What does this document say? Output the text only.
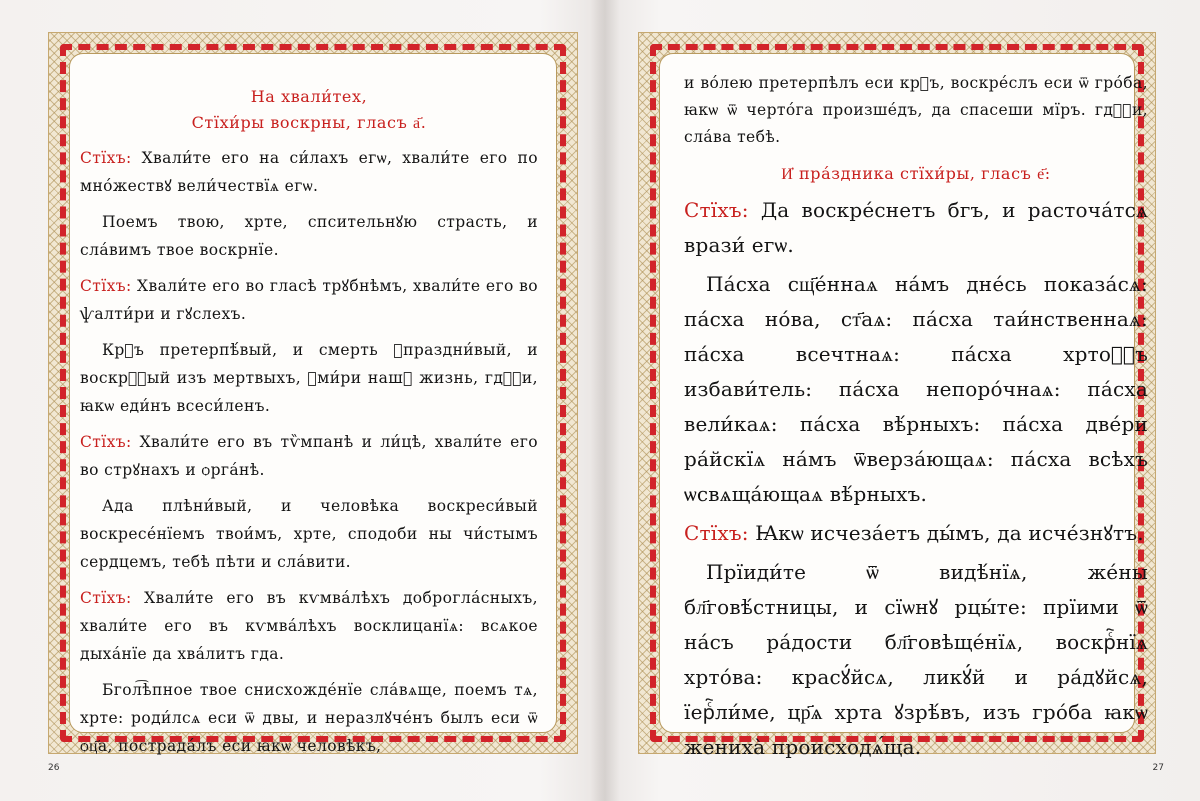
На хвали́тех,
Стїхи́ры воскрны, гласъ а҃.

Стїхъ: Хвали́те его на си́лахъ егѡ, хвали́те его по мно́жествꙋ вели́чествїѧ егѡ.

Поемъ твою, хрте, спсительнꙋю страсть, и сла́вимъ твое воскрнїе.

Стїхъ: Хвали́те его во гласѣ трꙋбнѣмъ, хвали́те его во ѱалти́ри и гꙋслехъ.

Крⷮъ претерпѣ́вый, и смерть ꙋпраздни́вый, и воскрⷭ҇ый изъ мертвыхъ, ꙋми́ри нашꙋ жизнь, гдⷭ҇и, ꙗкѡ еди́нъ всеси́ленъ.

Стїхъ: Хвали́те его въ тѷмпанѣ и ли́цѣ, хвали́те его во стрꙋнахъ и ѻрга́нѣ.

Ада плѣни́вый, и человѣка воскреси́вый воскресе́нїемъ твои́мъ, хрте, сподоби ны чи́стымъ сердцемъ, тебѣ пѣти и сла́вити.

Стїхъ: Хвали́те его въ кѵмва́лѣхъ доброгла́сныхъ, хвали́те его въ кѵмва́лѣхъ восклицанїѧ: всѧкое дыха́нїе да хва́литъ гда.

Бгол͡ѣпное твое снисхожде́нїе сла́вѧще, поемъ тѧ, хрте: роди́лсѧ еси ѿ двы, и неразлꙋче́нъ былъ еси ѿ ѻц҃а, пострада́лъ еси ꙗкѡ человѣкъ,

26

и во́лею претерпѣлъ еси крⷮъ, воскре́слъ еси ѿ гро́ба, ꙗкѡ ѿ черто́га произше́дъ, да спасеши мїръ. гдⷭ҇и, сла́ва тебѣ.

И҆ пра́здника стїхи́ры, гласъ е҃:

Стїхъ: Да воскре́снетъ бгъ, и расточа́тсѧ врази́ егѡ.

Па́сха сщ҃е́ннаѧ на́мъ дне́сь показа́сѧ: па́сха но́ва, ст҃аѧ: па́сха таи́нственнаѧ: па́сха всечтнаѧ: па́сха хртоⷭ҇ъ избави́тель: па́сха непоро́чнаѧ: па́сха вели́каѧ: па́сха вѣ́рныхъ: па́сха две́ри ра́йскїѧ на́мъ ѿверза́ющаѧ: па́сха всѣхъ ѡсвѧща́ющаѧ вѣ́рныхъ.

Стїхъ: Ꙗкѡ исчеза́етъ ды́мъ, да исче́знꙋтъ.

Прїиди́те ѿ видѣ́нїѧ, же́ны бл҃говѣ́стницы, и сїѡнꙋ рцы́те: прїими ѿ на́съ ра́дости бл҃говѣще́нїѧ, воскрⷭ҇нїѧ хрто́ва: красꙋ́йсѧ, ликꙋ́й и ра́дꙋйсѧ, їерⷭ҇ли́ме, цр҃ѧ хрта ꙋзрѣ́въ, изъ гро́ба ꙗкѡ жениха̀ происходѧ́ща.

27
